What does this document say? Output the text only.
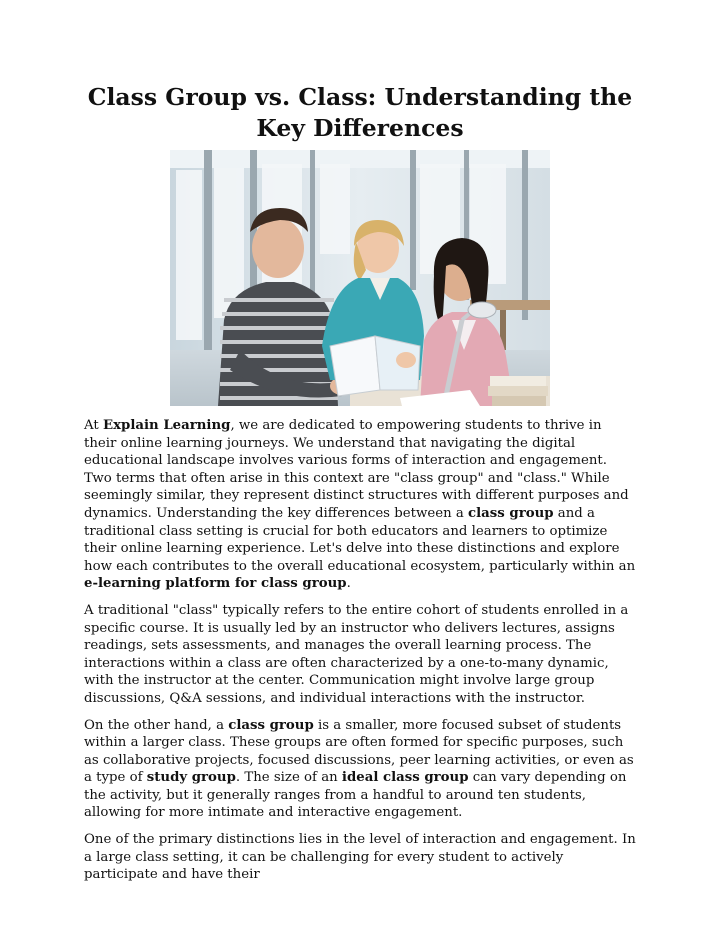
Class Group vs. Class: Understanding the Key Differences

At Explain Learning, we are dedicated to empowering students to thrive in their online learning journeys. We understand that navigating the digital educational landscape involves various forms of interaction and engagement. Two terms that often arise in this context are "class group" and "class." While seemingly similar, they represent distinct structures with different purposes and dynamics. Understanding the key differences between a class group and a traditional class setting is crucial for both educators and learners to optimize their online learning experience. Let's delve into these distinctions and explore how each contributes to the overall educational ecosystem, particularly within an e-learning platform for class group.

A traditional "class" typically refers to the entire cohort of students enrolled in a specific course. It is usually led by an instructor who delivers lectures, assigns readings, sets assessments, and manages the overall learning process. The interactions within a class are often characterized by a one-to-many dynamic, with the instructor at the center. Communication might involve large group discussions, Q&A sessions, and individual interactions with the instructor.

On the other hand, a class group is a smaller, more focused subset of students within a larger class. These groups are often formed for specific purposes, such as collaborative projects, focused discussions, peer learning activities, or even as a type of study group. The size of an ideal class group can vary depending on the activity, but it generally ranges from a handful to around ten students, allowing for more intimate and interactive engagement.

One of the primary distinctions lies in the level of interaction and engagement. In a large class setting, it can be challenging for every student to actively participate and have their
